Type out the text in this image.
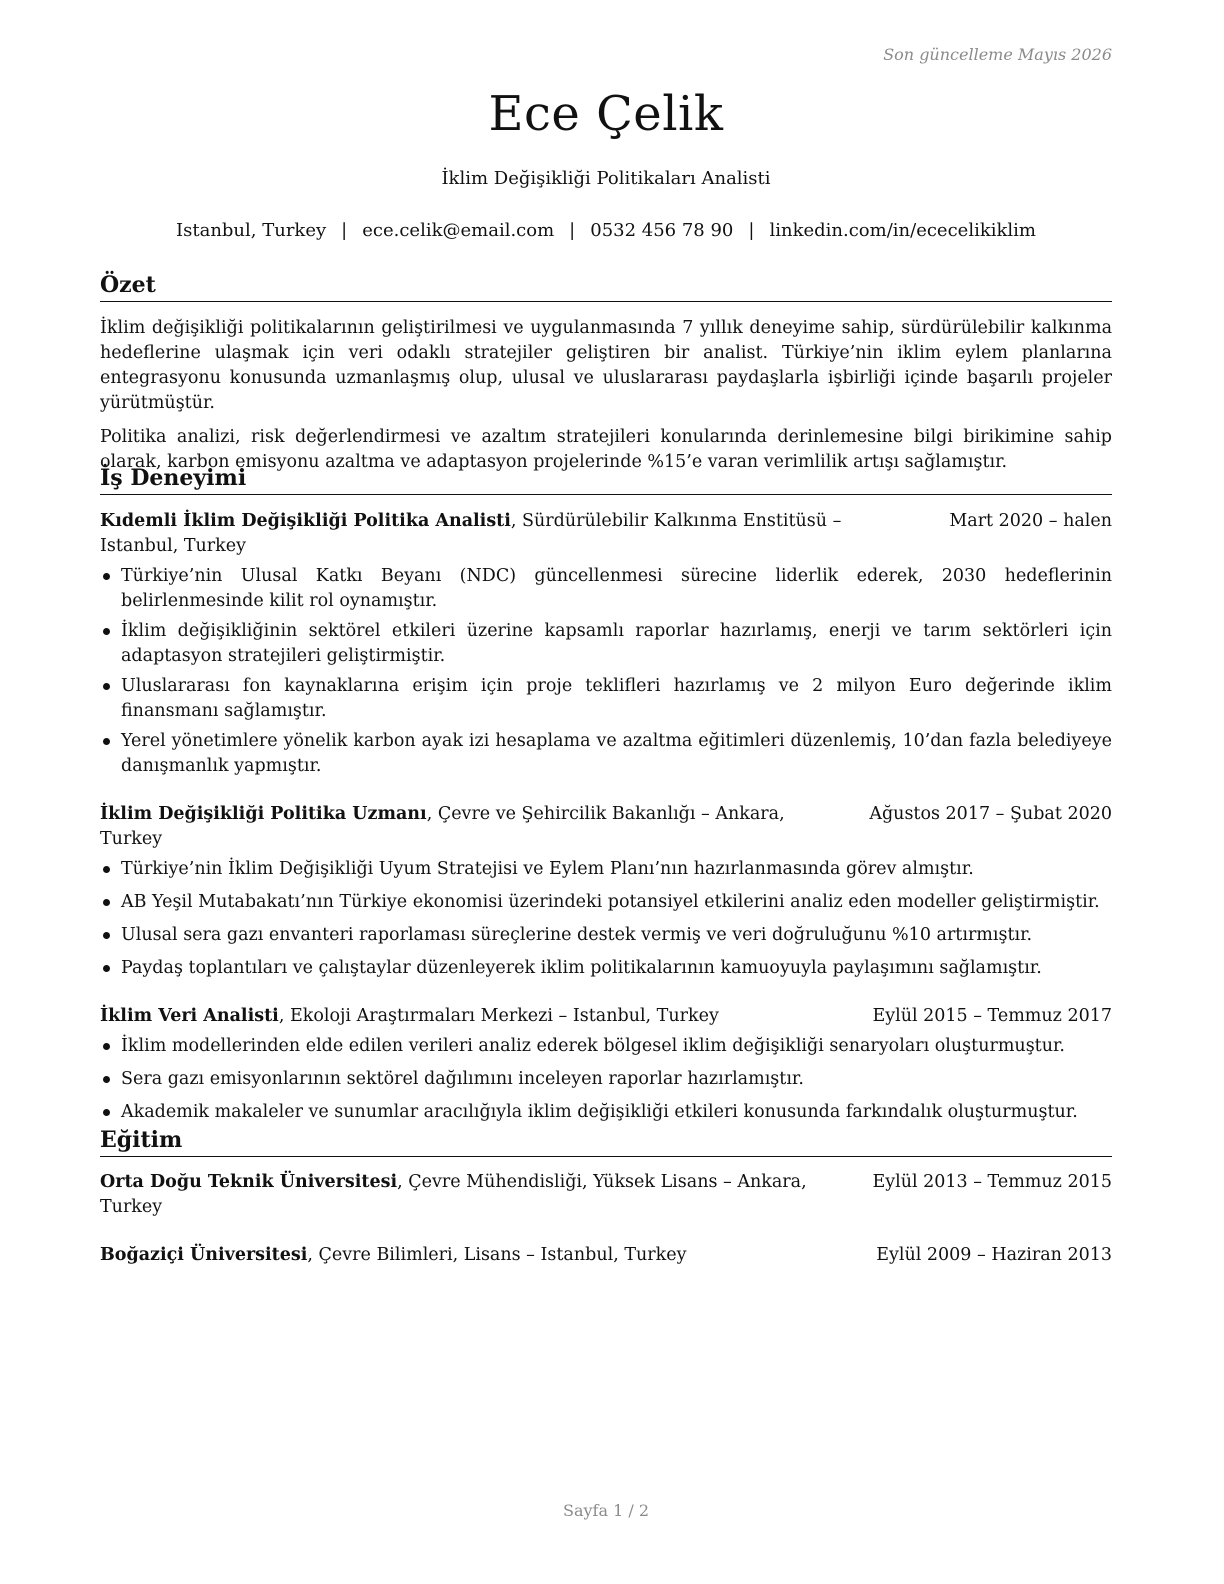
Son güncelleme Mayıs 2026
Ece Çelik
İklim Değişikliği Politikaları Analisti
Istanbul, Turkey | ece.celik@email.com | 0532 456 78 90 | linkedin.com/in/ececelikiklim
Özet

İklim değişikliği politikalarının geliştirilmesi ve uygulanmasında 7 yıllık deneyime sahip, sürdürülebilir kalkınma hedeflerine ulaşmak için veri odaklı stratejiler geliştiren bir analist. Türkiye’nin iklim eylem planlarına entegrasyonu konusunda uzmanlaşmış olup, ulusal ve uluslararası paydaşlarla işbirliği içinde başarılı projeler yürütmüştür.

Politika analizi, risk değerlendirmesi ve azaltım stratejileri konularında derinlemesine bilgi birikimine sahip olarak, karbon emisyonu azaltma ve adaptasyon projelerinde %15’e varan verimlilik artışı sağlamıştır.

İş Deneyimi
Kıdemli İklim Değişikliği Politika Analisti, Sürdürülebilir Kalkınma Enstitüsü – Istanbul, Turkey
Mart 2020 – halen
Türkiye’nin Ulusal Katkı Beyanı (NDC) güncellenmesi sürecine liderlik ederek, 2030 hedeflerinin belirlenmesinde kilit rol oynamıştır.
İklim değişikliğinin sektörel etkileri üzerine kapsamlı raporlar hazırlamış, enerji ve tarım sektörleri için adaptasyon stratejileri geliştirmiştir.
Uluslararası fon kaynaklarına erişim için proje teklifleri hazırlamış ve 2 milyon Euro değerinde iklim finansmanı sağlamıştır.
Yerel yönetimlere yönelik karbon ayak izi hesaplama ve azaltma eğitimleri düzenlemiş, 10’dan fazla belediyeye danışmanlık yapmıştır.
İklim Değişikliği Politika Uzmanı, Çevre ve Şehircilik Bakanlığı – Ankara, Turkey
Ağustos 2017 – Şubat 2020
Türkiye’nin İklim Değişikliği Uyum Stratejisi ve Eylem Planı’nın hazırlanmasında görev almıştır.
AB Yeşil Mutabakatı’nın Türkiye ekonomisi üzerindeki potansiyel etkilerini analiz eden modeller geliştirmiştir.
Ulusal sera gazı envanteri raporlaması süreçlerine destek vermiş ve veri doğruluğunu %10 artırmıştır.
Paydaş toplantıları ve çalıştaylar düzenleyerek iklim politikalarının kamuoyuyla paylaşımını sağlamıştır.
İklim Veri Analisti, Ekoloji Araştırmaları Merkezi – Istanbul, Turkey	Eylül 2015 – Temmuz 2017
İklim modellerinden elde edilen verileri analiz ederek bölgesel iklim değişikliği senaryoları oluşturmuştur.
Sera gazı emisyonlarının sektörel dağılımını inceleyen raporlar hazırlamıştır.
Akademik makaleler ve sunumlar aracılığıyla iklim değişikliği etkileri konusunda farkındalık oluşturmuştur.
Eğitim
Orta Doğu Teknik Üniversitesi, Çevre Mühendisliği, Yüksek Lisans – Ankara, Turkey
Eylül 2013 – Temmuz 2015
Boğaziçi Üniversitesi, Çevre Bilimleri, Lisans – Istanbul, Turkey	Eylül 2009 – Haziran 2013
Sayfa 1 / 2
